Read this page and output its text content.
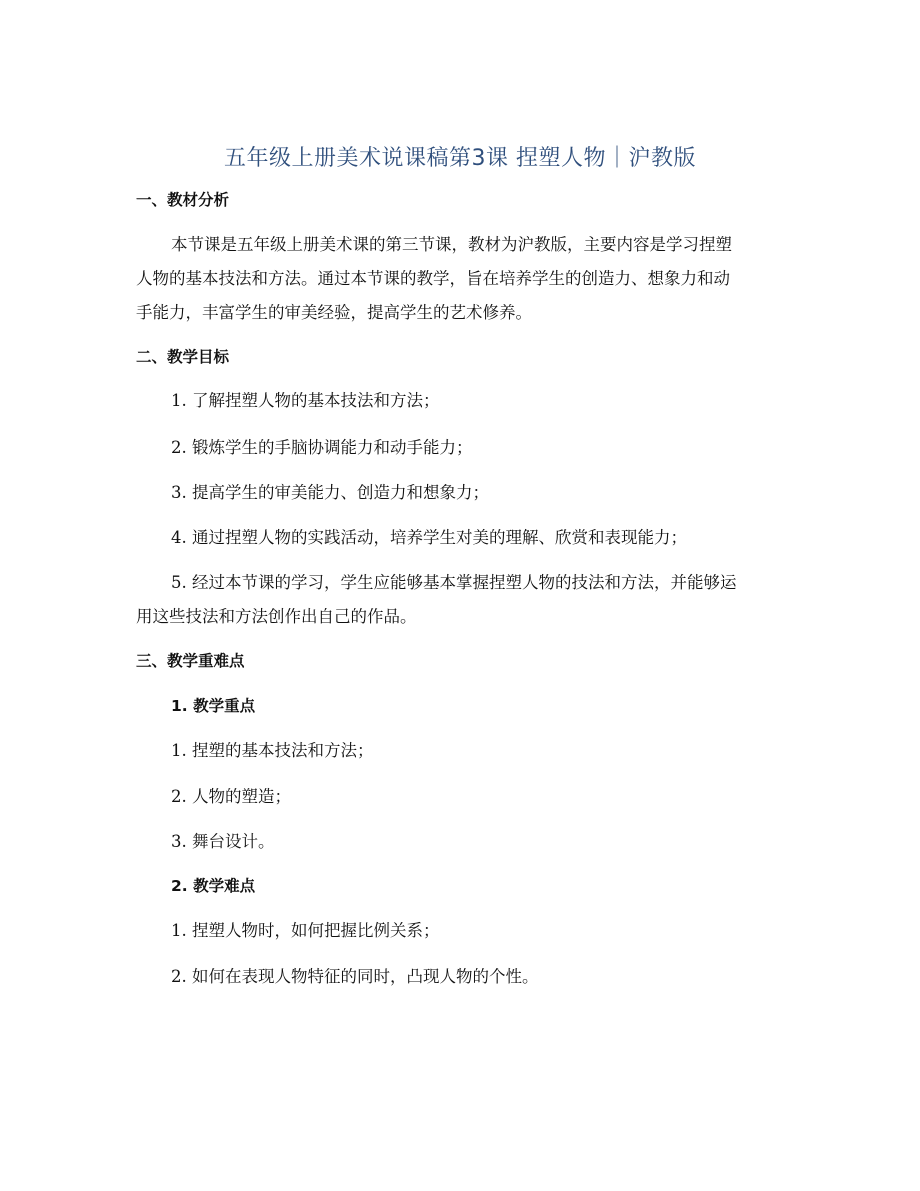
五年级上册美术说课稿第3课 捏塑人物｜沪教版
一、教材分析
本节课是五年级上册美术课的第三节课，教材为沪教版，主要内容是学习捏塑
人物的基本技法和方法。通过本节课的教学，旨在培养学生的创造力、想象力和动
手能力，丰富学生的审美经验，提高学生的艺术修养。
二、教学目标
1. 了解捏塑人物的基本技法和方法；
2. 锻炼学生的手脑协调能力和动手能力；
3. 提高学生的审美能力、创造力和想象力；
4. 通过捏塑人物的实践活动，培养学生对美的理解、欣赏和表现能力；
5. 经过本节课的学习，学生应能够基本掌握捏塑人物的技法和方法，并能够运
用这些技法和方法创作出自己的作品。
三、教学重难点
1. 教学重点
1. 捏塑的基本技法和方法；
2. 人物的塑造；
3. 舞台设计。
2. 教学难点
1. 捏塑人物时，如何把握比例关系；
2. 如何在表现人物特征的同时，凸现人物的个性。
